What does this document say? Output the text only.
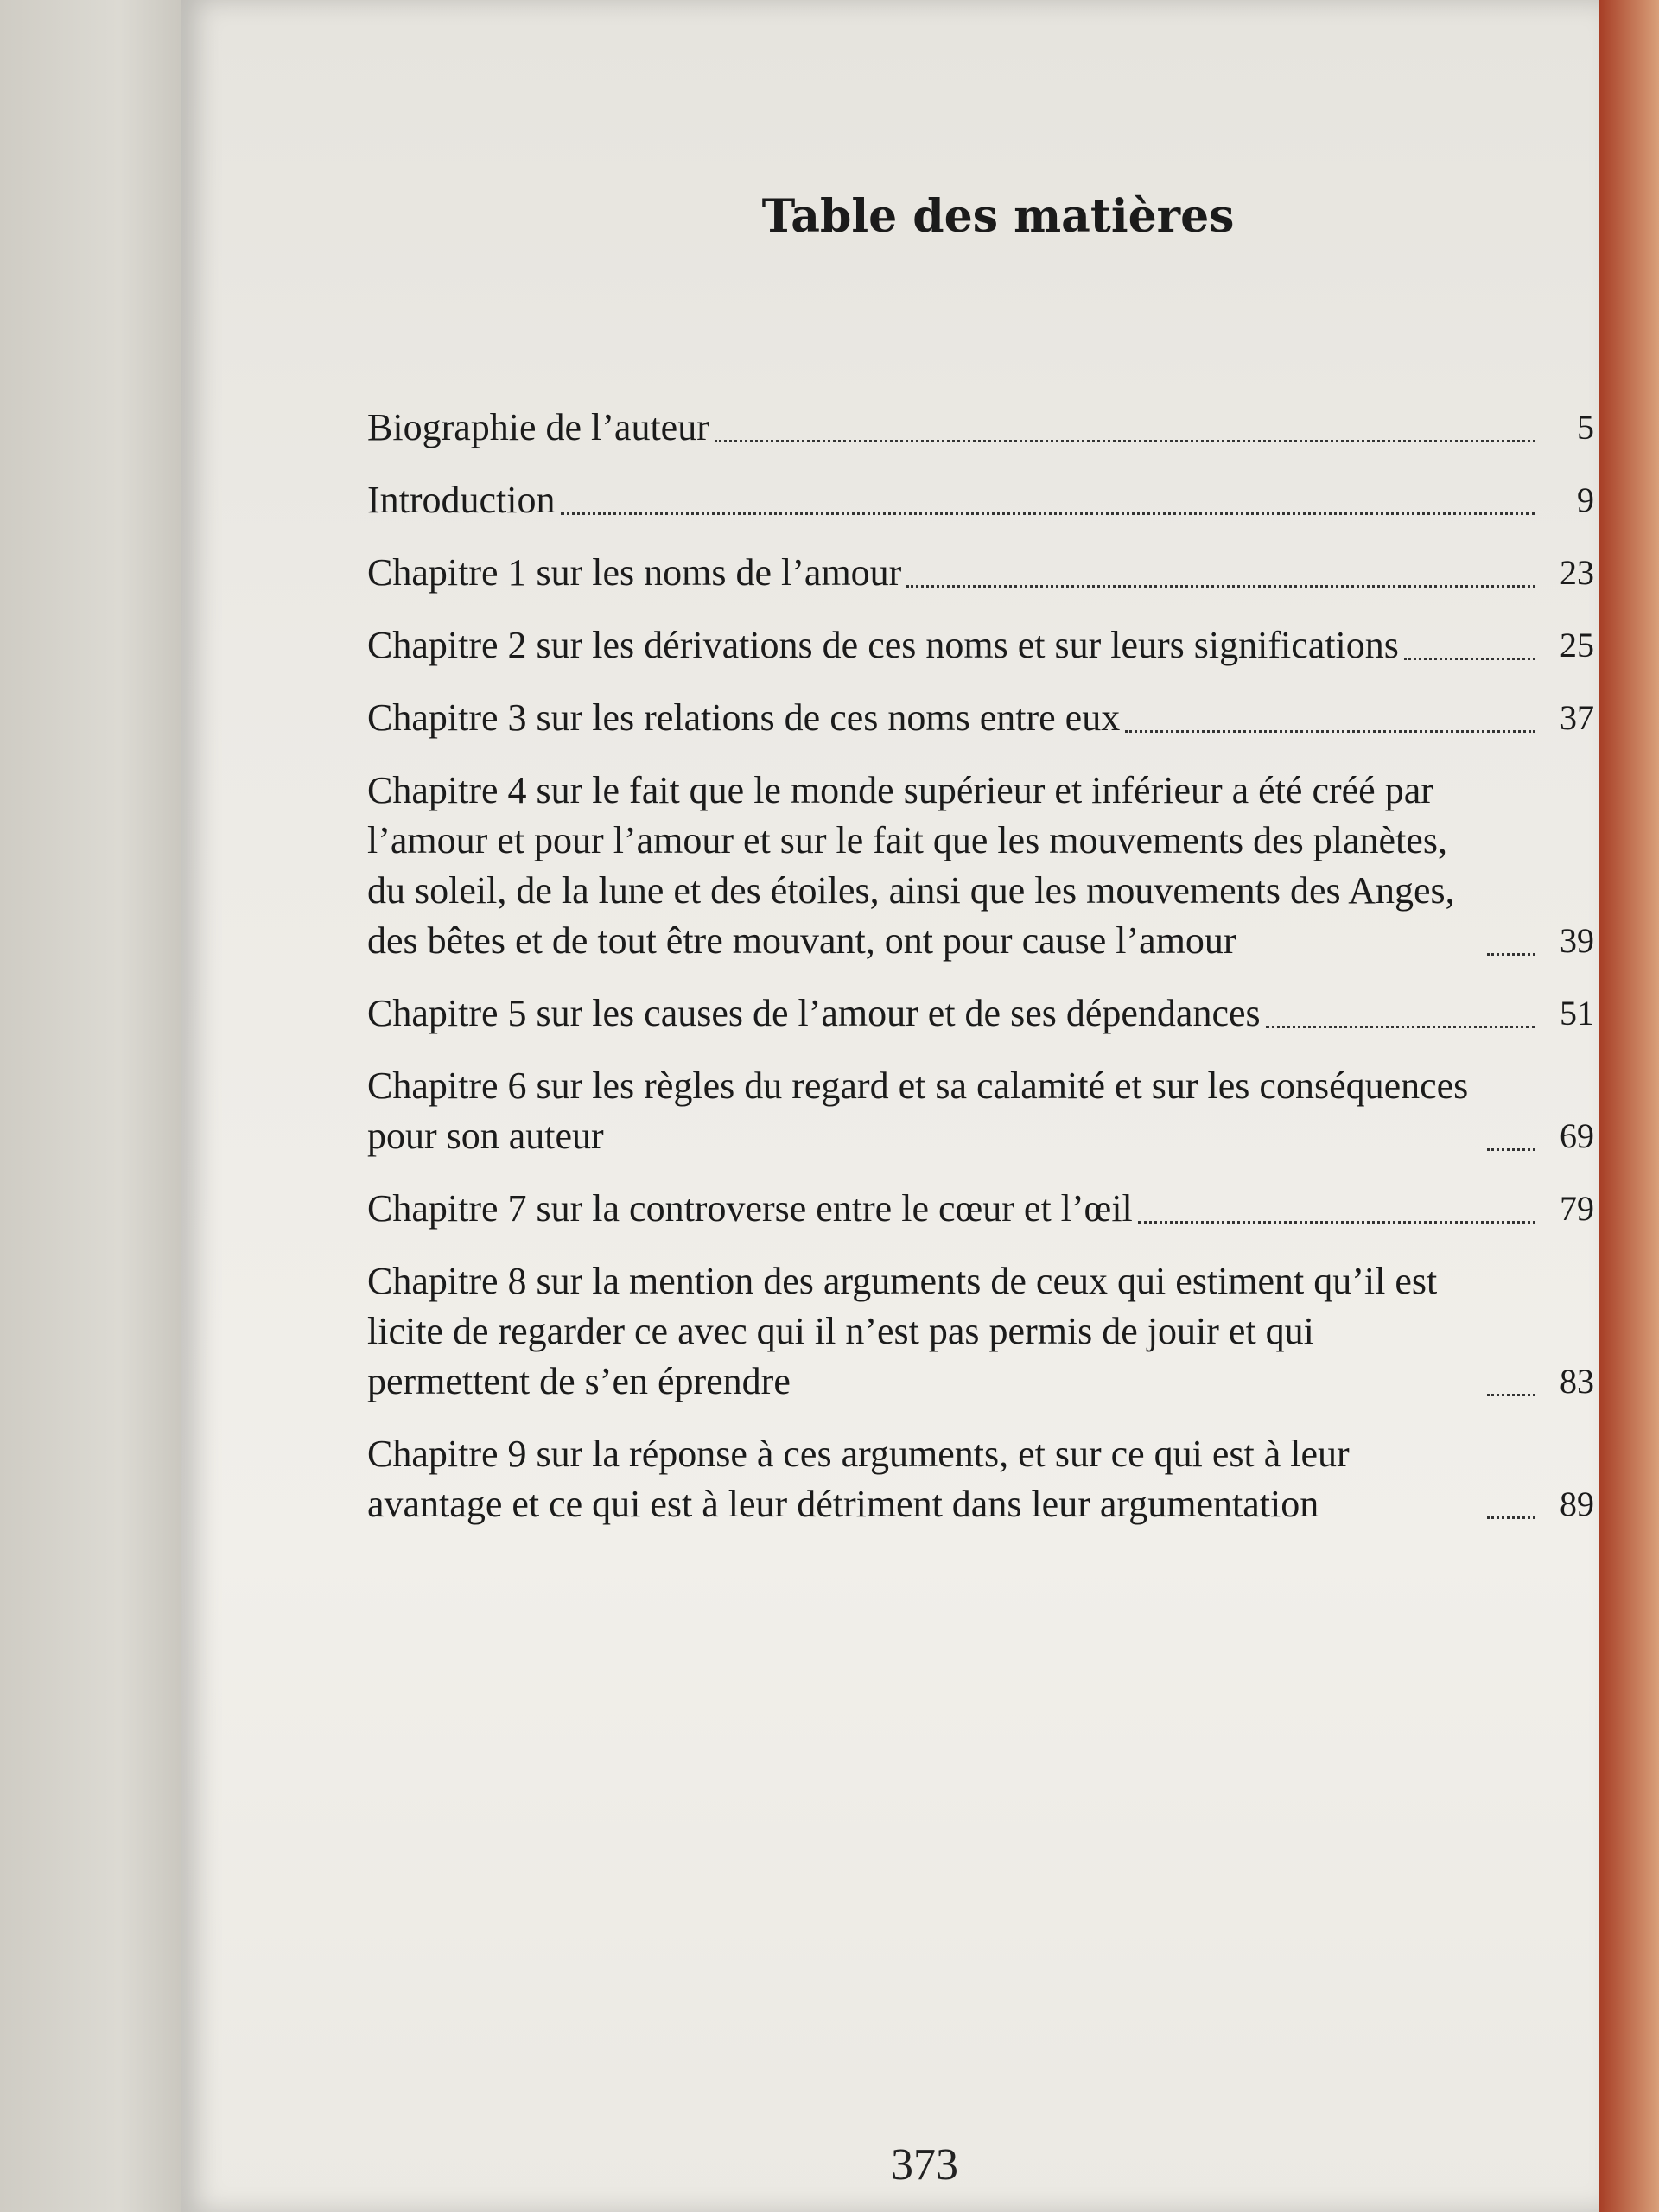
Table des matières
Biographie de l’auteur	5
Introduction	9
Chapitre 1 sur les noms de l’amour	23
Chapitre 2 sur les dérivations de ces noms et sur leurs significations	25
Chapitre 3 sur les relations de ces noms entre eux	37
Chapitre 4 sur le fait que le monde supérieur et inférieur a été créé par l’amour et pour l’amour et sur le fait que les mouvements des planètes, du soleil, de la lune et des étoiles, ainsi que les mouvements des Anges, des bêtes et de tout être mouvant, ont pour cause l’amour	39
Chapitre 5 sur les causes de l’amour et de ses dépendances	51
Chapitre 6 sur les règles du regard et sa calamité et sur les conséquences pour son auteur	69
Chapitre 7 sur la controverse entre le cœur et l’œil	79
Chapitre 8 sur la mention des arguments de ceux qui estiment qu’il est licite de regarder ce avec qui il n’est pas permis de jouir et qui permettent de s’en éprendre	83
Chapitre 9 sur la réponse à ces arguments, et sur ce qui est à leur avantage et ce qui est à leur détriment dans leur argumentation	89
373
